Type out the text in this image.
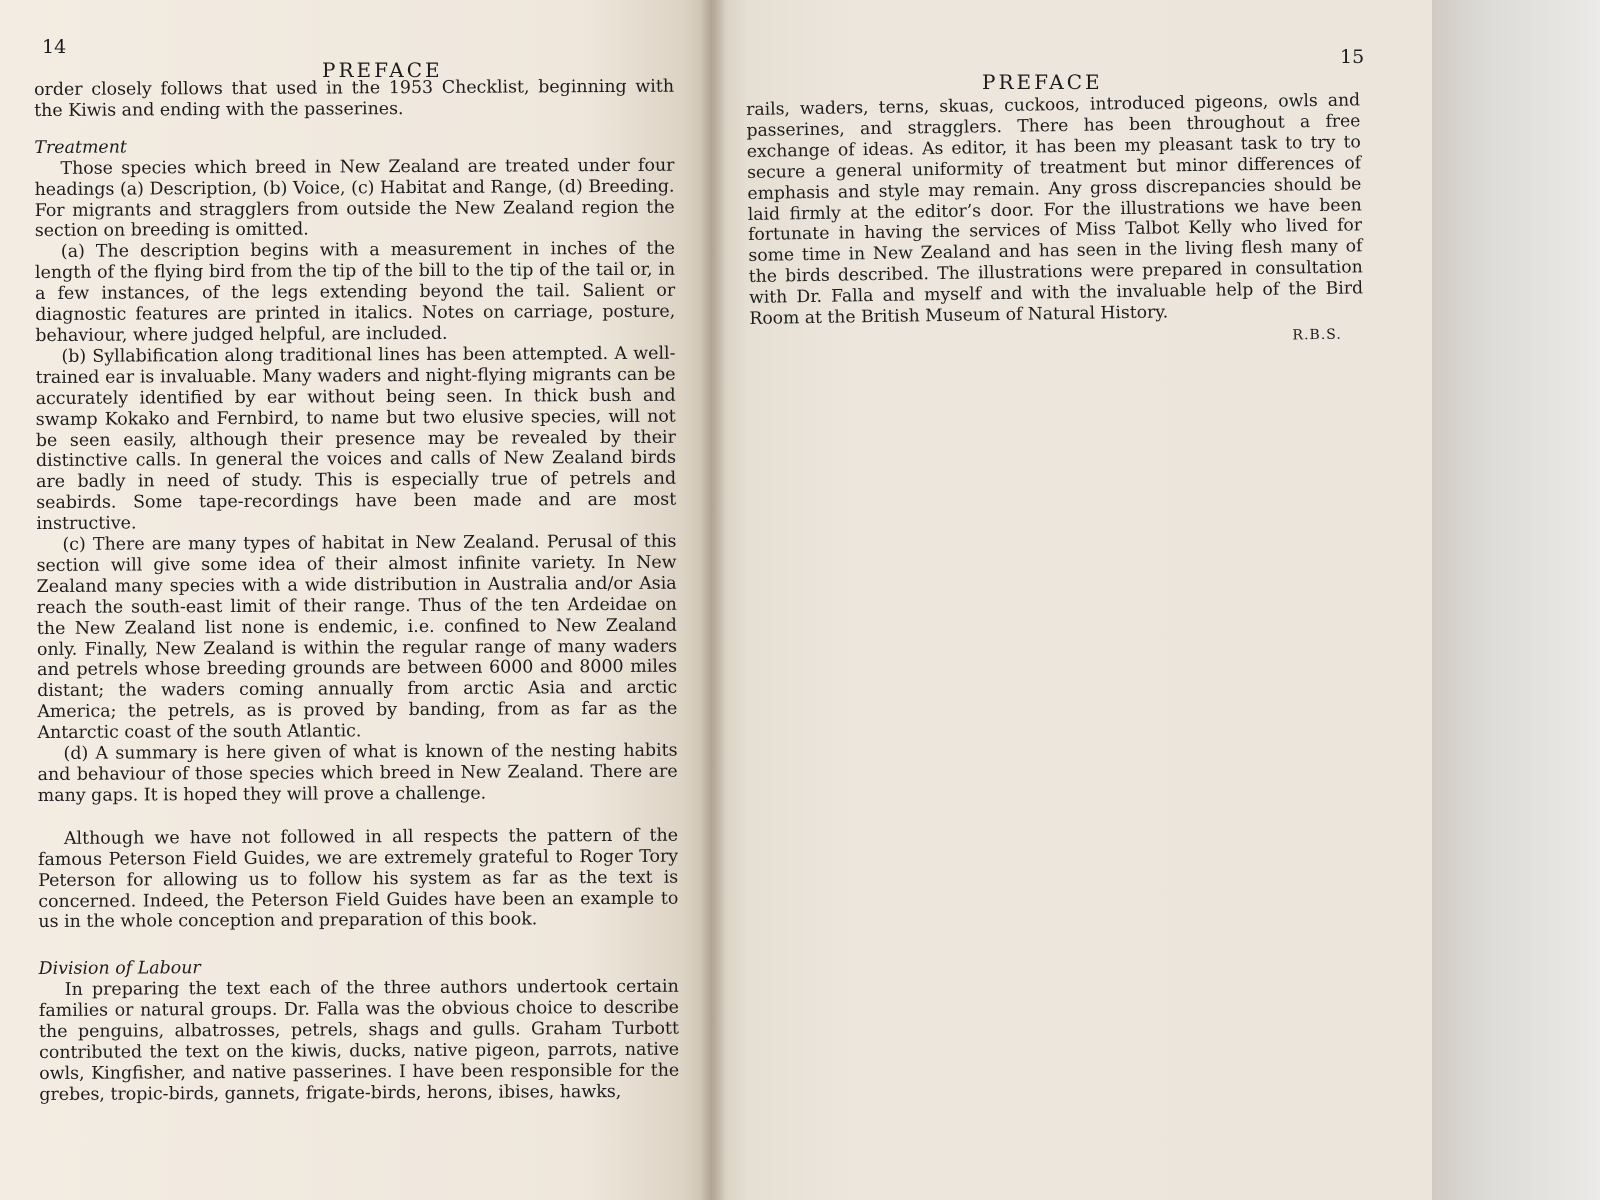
14
PREFACE

order closely follows that used in the 1953 Checklist, beginning with the Kiwis and ending with the passerines.

Treatment

Those species which breed in New Zealand are treated under four headings (a) Description, (b) Voice, (c) Habitat and Range, (d) Breeding. For migrants and stragglers from outside the New Zealand region the section on breeding is omitted.

(a) The description begins with a measurement in inches of the length of the flying bird from the tip of the bill to the tip of the tail or, in a few instances, of the legs extending beyond the tail. Salient or diagnostic features are printed in italics. Notes on carriage, posture, behaviour, where judged helpful, are included.

(b) Syllabification along traditional lines has been attempted. A well-trained ear is invaluable. Many waders and night-flying migrants can be accurately identified by ear without being seen. In thick bush and swamp Kokako and Fernbird, to name but two elusive species, will not be seen easily, although their presence may be revealed by their distinctive calls. In general the voices and calls of New Zealand birds are badly in need of study. This is especially true of petrels and seabirds. Some tape-recordings have been made and are most instructive.

(c) There are many types of habitat in New Zealand. Perusal of this section will give some idea of their almost infinite variety. In New Zealand many species with a wide distribution in Australia and/or Asia reach the south-east limit of their range. Thus of the ten Ardeidae on the New Zealand list none is endemic, i.e. confined to New Zealand only. Finally, New Zealand is within the regular range of many waders and petrels whose breeding grounds are between 6000 and 8000 miles distant; the waders coming annually from arctic Asia and arctic America; the petrels, as is proved by banding, from as far as the Antarctic coast of the south Atlantic.

(d) A summary is here given of what is known of the nesting habits and behaviour of those species which breed in New Zealand. There are many gaps. It is hoped they will prove a challenge.

Although we have not followed in all respects the pattern of the famous Peterson Field Guides, we are extremely grateful to Roger Tory Peterson for allowing us to follow his system as far as the text is concerned. Indeed, the Peterson Field Guides have been an example to us in the whole conception and preparation of this book.

Division of Labour

In preparing the text each of the three authors undertook certain families or natural groups. Dr. Falla was the obvious choice to describe the penguins, albatrosses, petrels, shags and gulls. Graham Turbott contributed the text on the kiwis, ducks, native pigeon, parrots, native owls, Kingfisher, and native passerines. I have been responsible for the grebes, tropic-birds, gannets, frigate-birds, herons, ibises, hawks,

15
PREFACE

rails, waders, terns, skuas, cuckoos, introduced pigeons, owls and passerines, and stragglers. There has been throughout a free exchange of ideas. As editor, it has been my pleasant task to try to secure a general uniformity of treatment but minor differences of emphasis and style may remain. Any gross discrepancies should be laid firmly at the editor’s door. For the illustrations we have been fortunate in having the services of Miss Talbot Kelly who lived for some time in New Zealand and has seen in the living flesh many of the birds described. The illustrations were prepared in consultation with Dr. Falla and myself and with the invaluable help of the Bird Room at the British Museum of Natural History.

R.B.S.
